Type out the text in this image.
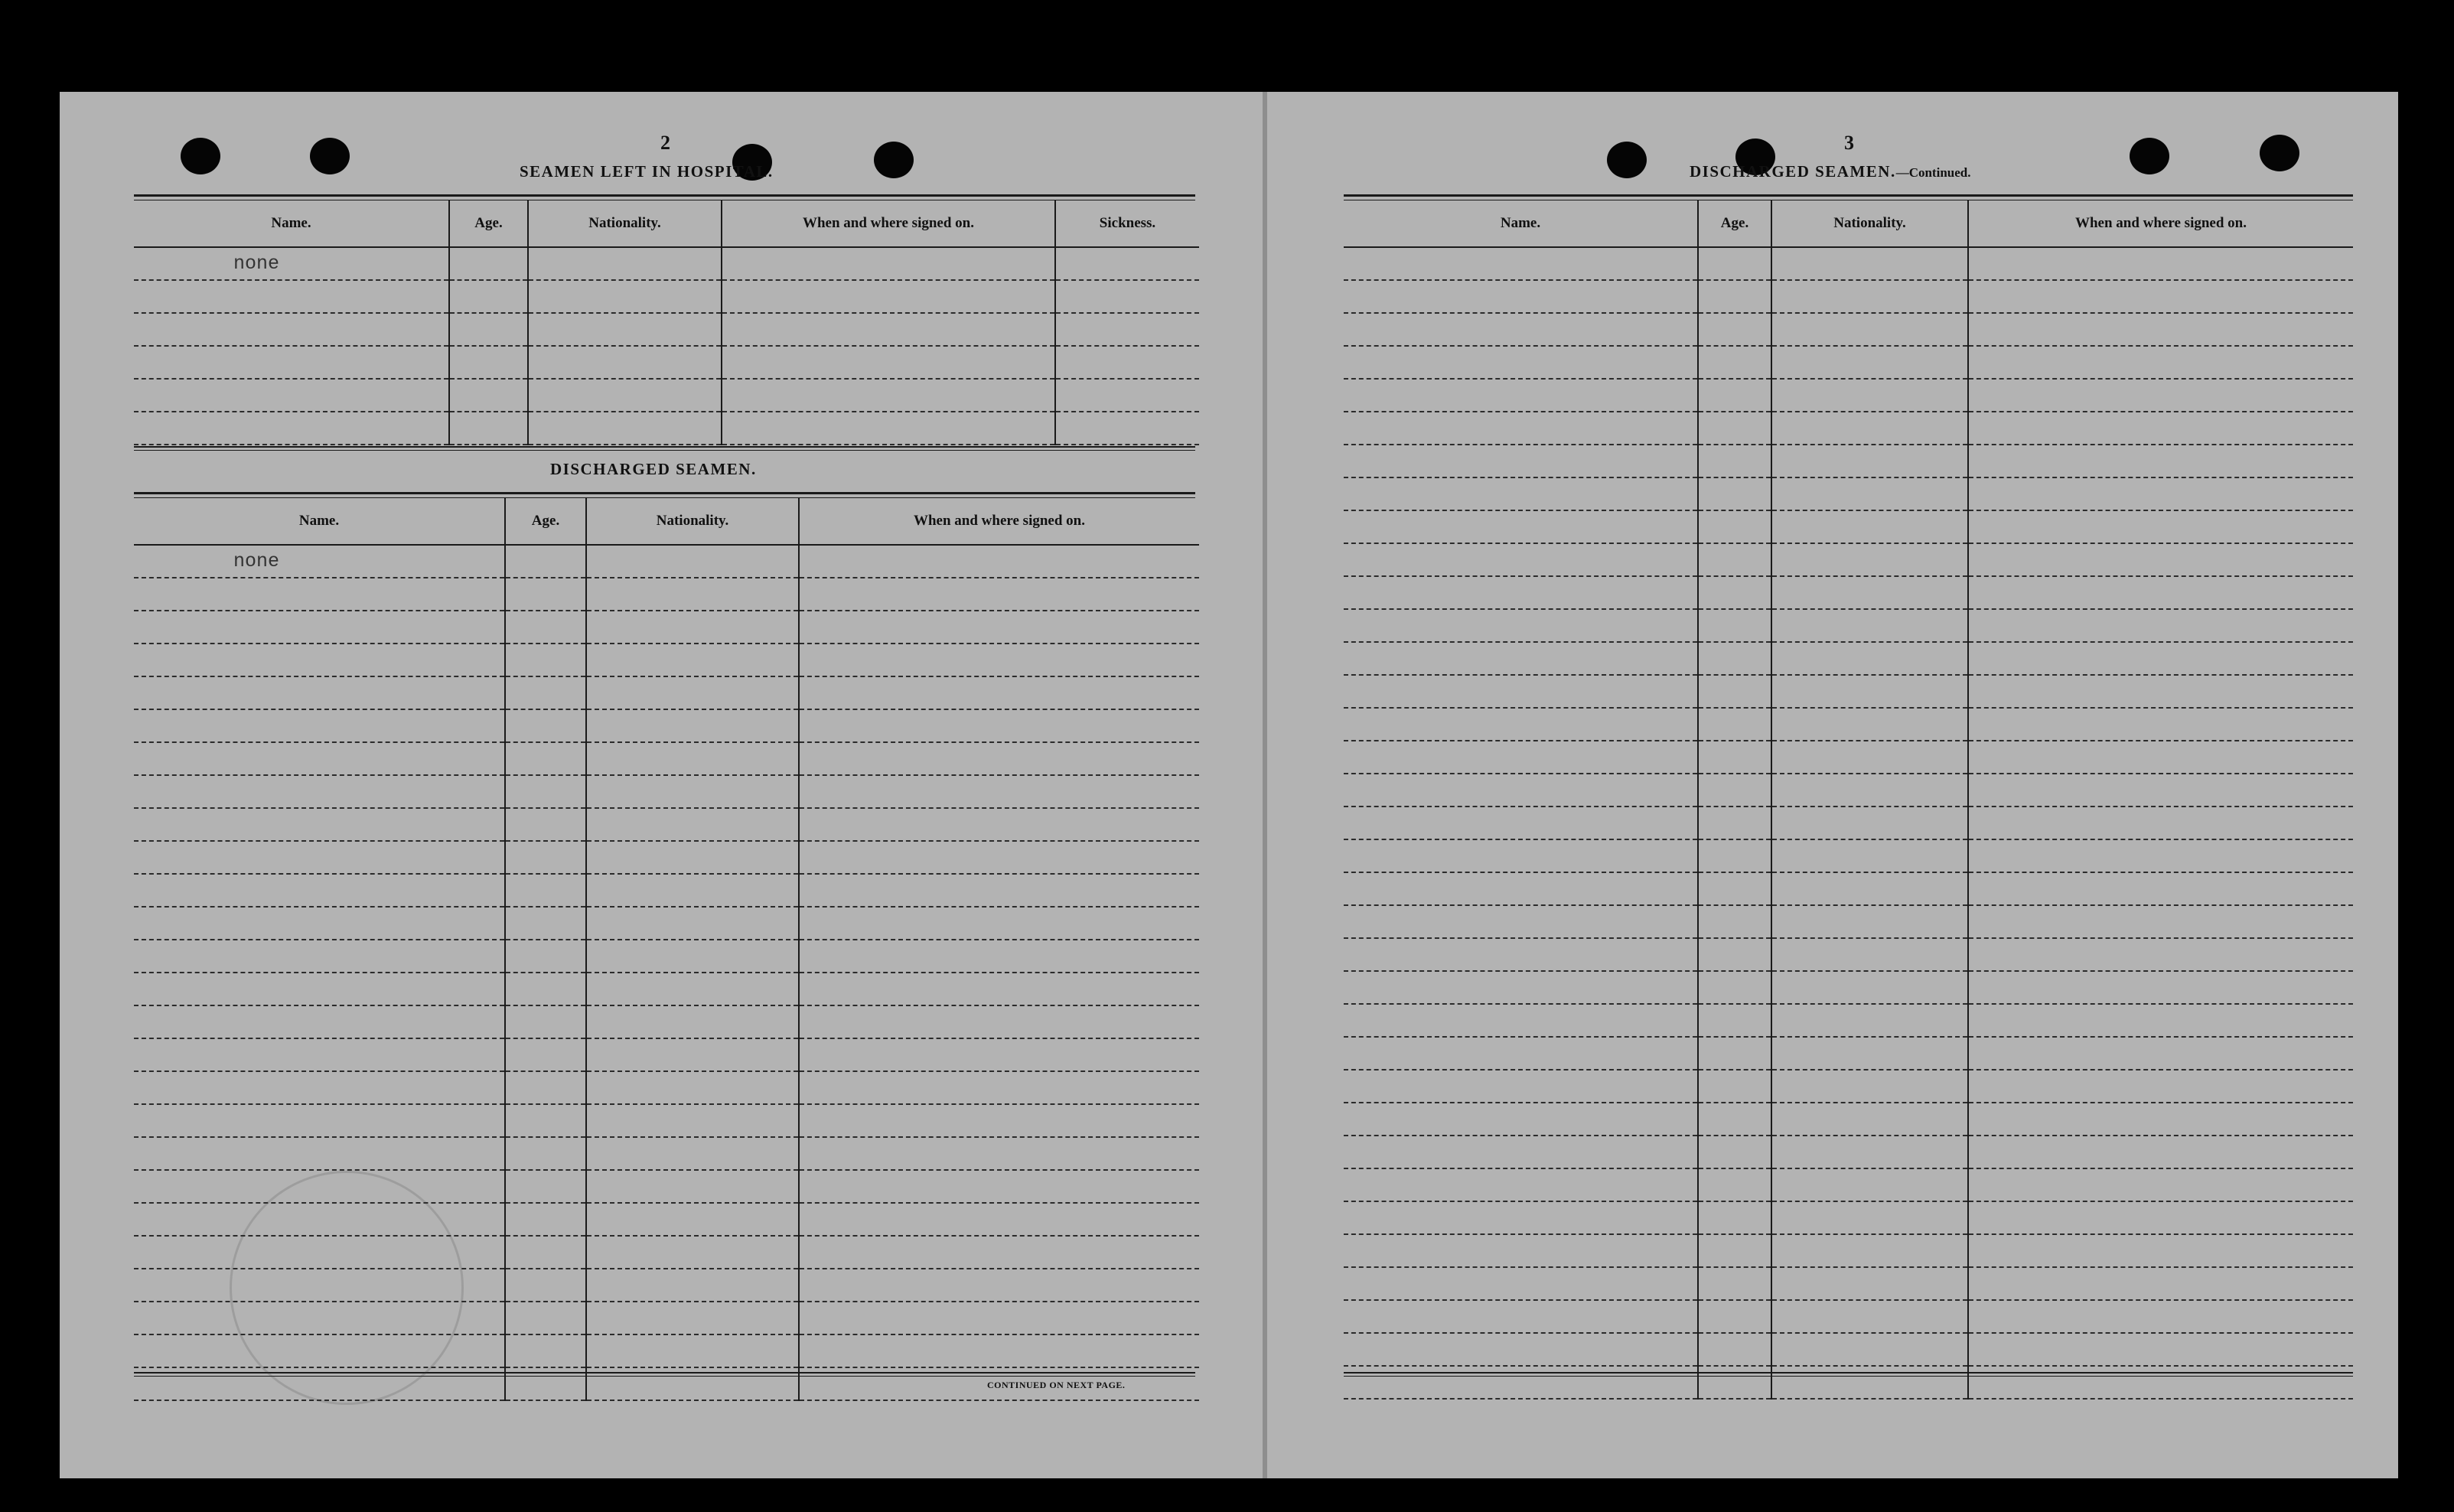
2
SEAMEN LEFT IN HOSPITAL.
Name.	Age.	Nationality.	When and where signed on.	Sickness.
none				

DISCHARGED SEAMEN.
Name.	Age.	Nationality.	When and where signed on.
none			

CONTINUED ON NEXT PAGE.
3
DISCHARGED SEAMEN.—Continued.
Name.	Age.	Nationality.	When and where signed on.
